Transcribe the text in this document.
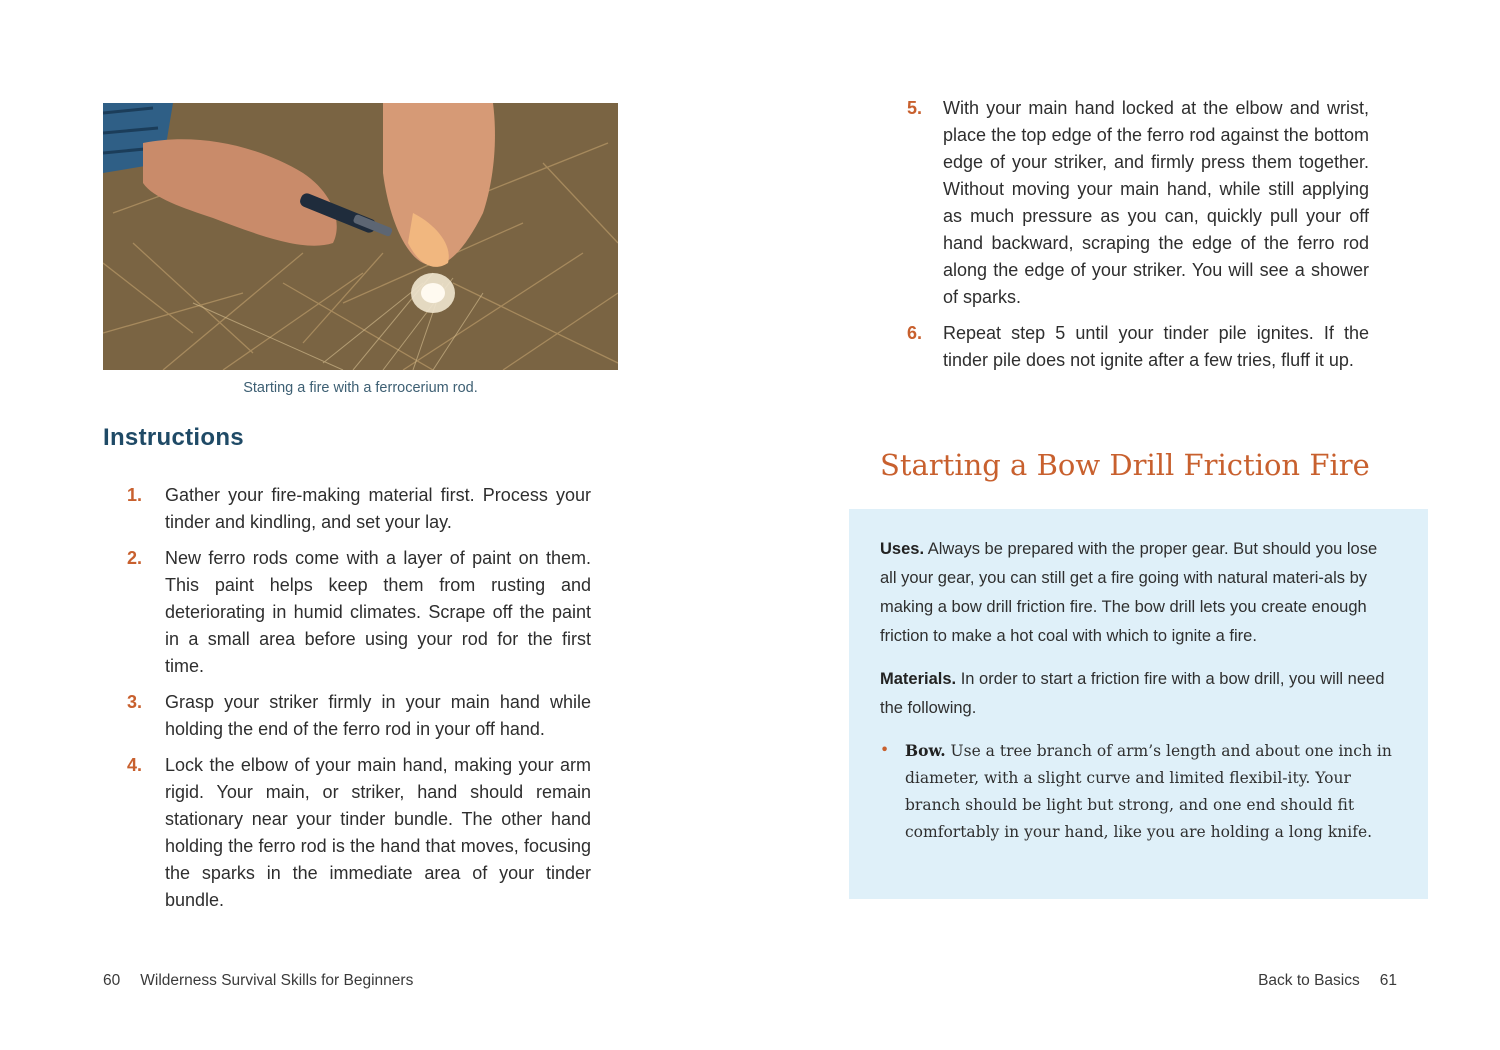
Starting a fire with a ferrocerium rod.
Instructions
1. Gather your fire-making material first. Process your tinder and kindling, and set your lay.
2. New ferro rods come with a layer of paint on them. This paint helps keep them from rusting and deteriorating in humid climates. Scrape off the paint in a small area before using your rod for the first time.
3. Grasp your striker firmly in your main hand while holding the end of the ferro rod in your off hand.
4. Lock the elbow of your main hand, making your arm rigid. Your main, or striker, hand should remain stationary near your tinder bundle. The other hand holding the ferro rod is the hand that moves, focusing the sparks in the immediate area of your tinder bundle.
60 Wilderness Survival Skills for Beginners
5. With your main hand locked at the elbow and wrist, place the top edge of the ferro rod against the bottom edge of your striker, and firmly press them together. Without moving your main hand, while still applying as much pressure as you can, quickly pull your off hand backward, scraping the edge of the ferro rod along the edge of your striker. You will see a shower of sparks.
6. Repeat step 5 until your tinder pile ignites. If the tinder pile does not ignite after a few tries, fluff it up.
Starting a Bow Drill Friction Fire

Uses. Always be prepared with the proper gear. But should you lose all your gear, you can still get a fire going with natural materi-als by making a bow drill friction fire. The bow drill lets you create enough friction to make a hot coal with which to ignite a fire.

Materials. In order to start a friction fire with a bow drill, you will need the following.

• Bow. Use a tree branch of arm’s length and about one inch in diameter, with a slight curve and limited flexibil-ity. Your branch should be light but strong, and one end should fit comfortably in your hand, like you are holding a long knife.

Back to Basics 61
